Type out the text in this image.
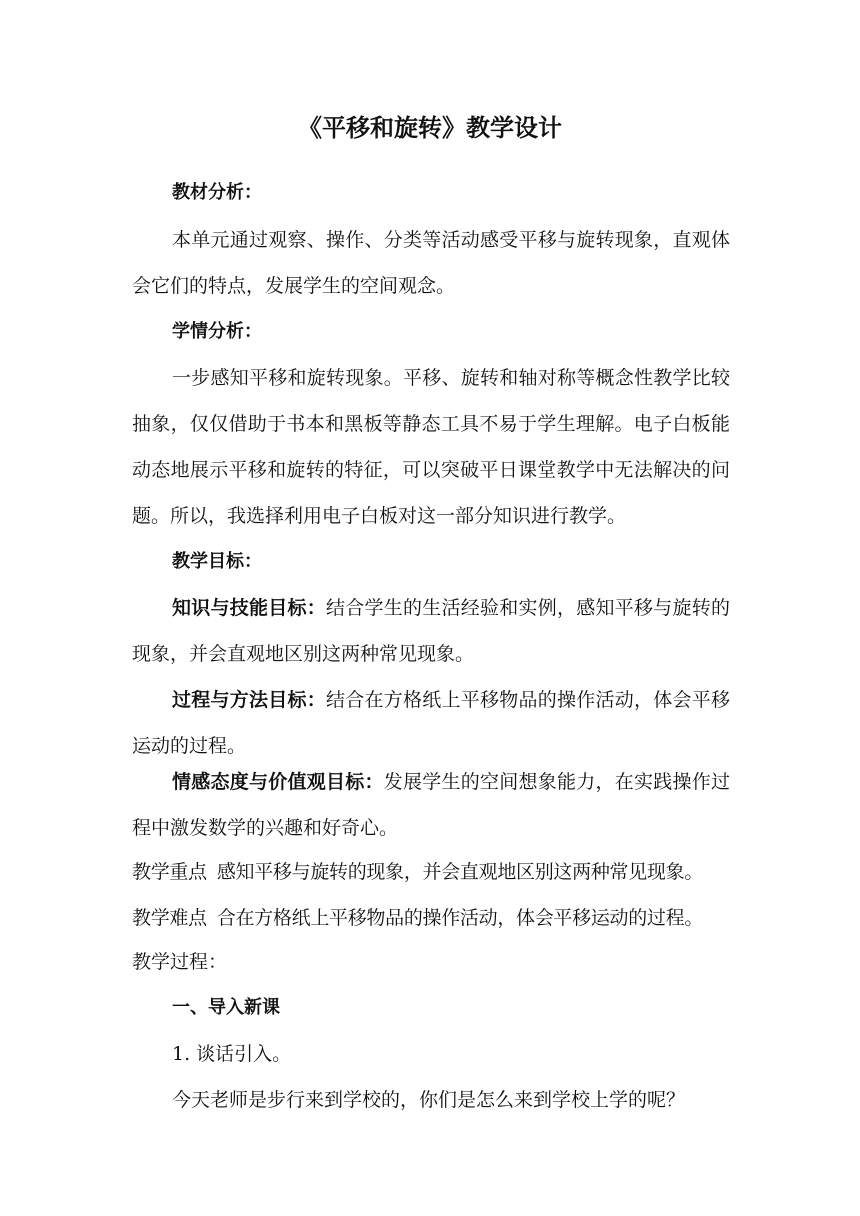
《平移和旋转》教学设计

教材分析：

本单元通过观察、操作、分类等活动感受平移与旋转现象，直观体会它们的特点，发展学生的空间观念。

学情分析：

一步感知平移和旋转现象。平移、旋转和轴对称等概念性教学比较抽象，仅仅借助于书本和黑板等静态工具不易于学生理解。电子白板能动态地展示平移和旋转的特征，可以突破平日课堂教学中无法解决的问题。所以，我选择利用电子白板对这一部分知识进行教学。

教学目标：

知识与技能目标：结合学生的生活经验和实例，感知平移与旋转的现象，并会直观地区别这两种常见现象。

过程与方法目标：结合在方格纸上平移物品的操作活动，体会平移运动的过程。

情感态度与价值观目标：发展学生的空间想象能力，在实践操作过程中激发数学的兴趣和好奇心。

教学重点 感知平移与旋转的现象，并会直观地区别这两种常见现象。

教学难点 合在方格纸上平移物品的操作活动，体会平移运动的过程。

教学过程：

一、导入新课

1. 谈话引入。

今天老师是步行来到学校的，你们是怎么来到学校上学的呢？
